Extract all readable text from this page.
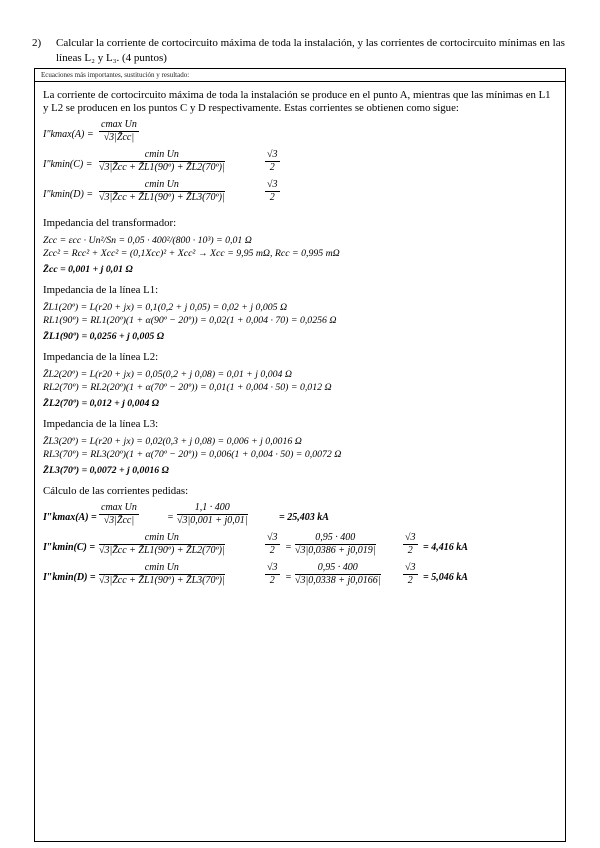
2) Calcular la corriente de cortocircuito máxima de toda la instalación, y las corrientes de cortocircuito mínimas en las líneas L₂ y L₃. (4 puntos)
Ecuaciones más importantes, sustitución y resultado:

La corriente de cortocircuito máxima de toda la instalación se produce en el punto A, mientras que las mínimas en L1 y L2 se producen en los puntos C y D respectivamente. Estas corrientes se obtienen como sigue:

I″kmax(A) =
cmax Un
√3|Z̄cc|
I″kmin(C) =
cmin Un
√3|Z̄cc + Z̄L1(90º) + Z̄L2(70º)|	$\frac{√3}{2}$
I″kmin(D) =
cmin Un
√3|Z̄cc + Z̄L1(90º) + Z̄L3(70º)|	$\frac{√3}{2}$
Impedancia del transformador:
Zcc = εcc · Un²/Sn = 0,05 · 400²/(800 · 10³) = 0,01 Ω
Zcc² = Rcc² + Xcc² = (0,1Xcc)² + Xcc² → Xcc = 9,95 mΩ, Rcc = 0,995 mΩ
Z̄cc = 0,001 + j 0,01 Ω
Impedancia de la línea L1:
Z̄L1(20º) = L(r20 + jx) = 0,1(0,2 + j 0,05) = 0,02 + j 0,005 Ω
RL1(90º) = RL1(20º)(1 + α(90º − 20º)) = 0,02(1 + 0,004 · 70) = 0,0256 Ω
Z̄L1(90º) = 0,0256 + j 0,005 Ω
Impedancia de la línea L2:
Z̄L2(20º) = L(r20 + jx) = 0,05(0,2 + j 0,08) = 0,01 + j 0,004 Ω
RL2(70º) = RL2(20º)(1 + α(70º − 20º)) = 0,01(1 + 0,004 · 50) = 0,012 Ω
Z̄L2(70º) = 0,012 + j 0,004 Ω
Impedancia de la línea L3:
Z̄L3(20º) = L(r20 + jx) = 0,02(0,3 + j 0,08) = 0,006 + j 0,0016 Ω
RL3(70º) = RL3(20º)(1 + α(70º − 20º)) = 0,006(1 + 0,004 · 50) = 0,0072 Ω
Z̄L3(70º) = 0,0072 + j 0,0016 Ω
Cálculo de las corrientes pedidas:
I″kmax(A) =
cmax Un
√3|Z̄cc|	= $\frac{1,1 \cdot 400}{√3|0,001 + j0,01|}$	= 25,403 kA
I″kmin(C) =
cmin Un
√3|Z̄cc + Z̄L1(90º) + Z̄L2(70º)|	$\frac{√3}{2} = \frac{0,95 \cdot 400}{√3|0,0386 + j0,019|}$	$\frac{√3}{2} = 4,416$ kA
I″kmin(D) =
cmin Un
√3|Z̄cc + Z̄L1(90º) + Z̄L3(70º)|	$\frac{√3}{2} = \frac{0,95 \cdot 400}{√3|0,0338 + j0,0166|} \frac{√3}{2} = 5,046$ kA
